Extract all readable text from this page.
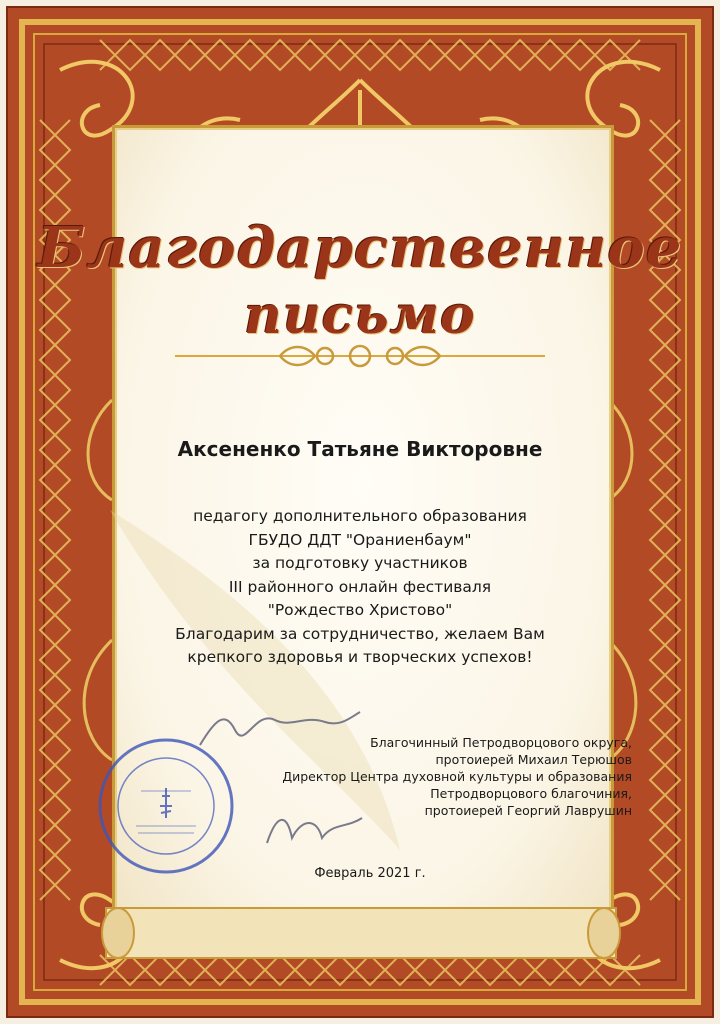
Благодарственное
письмо
Аксененко Татьяне Викторовне
педагогу дополнительного образования
ГБУДО ДДТ "Ораниенбаум"
за подготовку участников
III районного онлайн фестиваля
"Рождество Христово"
Благодарим за сотрудничество, желаем Вам
крепкого здоровья и творческих успехов!
Благочинный Петродворцового округа,
протоиерей Михаил Терюшов
Директор Центра духовной культуры и образования
Петродворцового благочиния,
протоиерей Георгий Лаврушин
Февраль 2021 г.
